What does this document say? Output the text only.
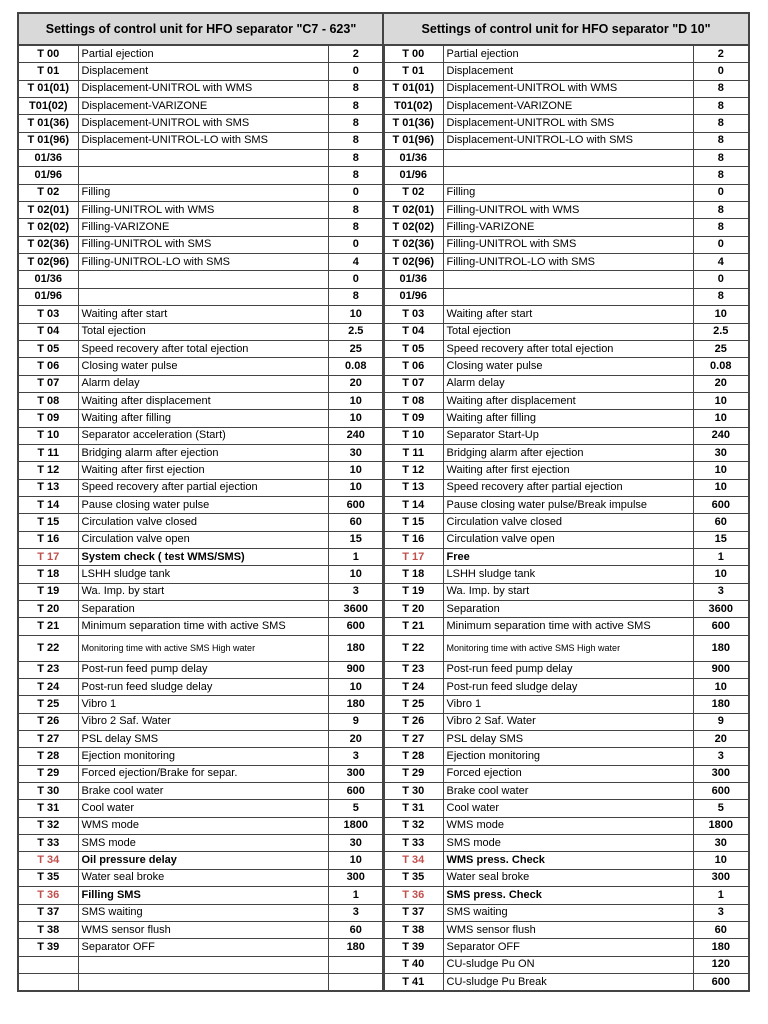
Settings of control unit for HFO separator "C7 - 623"		
T 00	Partial ejection	2
T 01	Displacement	0
T 01(01)	Displacement-UNITROL with WMS	8
T01(02)	Displacement-VARIZONE	8
T 01(36)	Displacement-UNITROL with SMS	8
T 01(96)	Displacement-UNITROL-LO with SMS	8
01/36		8
01/96		8
T 02	Filling	0
T 02(01)	Filling-UNITROL with WMS	8
T 02(02)	Filling-VARIZONE	8
T 02(36)	Filling-UNITROL with SMS	0
T 02(96)	Filling-UNITROL-LO with SMS	4
01/36		0
01/96		8
T 03	Waiting after start	10
T 04	Total ejection	2.5
T 05	Speed recovery after total ejection	25
T 06	Closing water pulse	0.08
T 07	Alarm delay	20
T 08	Waiting after displacement	10
T 09	Waiting after filling	10
T 10	Separator acceleration (Start)	240
T 11	Bridging alarm after ejection	30
T 12	Waiting after first ejection	10
T 13	Speed recovery after partial ejection	10
T 14	Pause closing water pulse	600
T 15	Circulation valve closed	60
T 16	Circulation valve open	15
T 17	System check ( test WMS/SMS)	1
T 18	LSHH sludge tank	10
T 19	Wa. Imp. by start	3
T 20	Separation	3600
T 21	Minimum separation time with active SMS	600
T 22	Monitoring time with active SMS High water	180
T 23	Post-run feed pump delay	900
T 24	Post-run feed sludge delay	10
T 25	Vibro 1	180
T 26	Vibro 2 Saf. Water	9
T 27	PSL delay SMS	20
T 28	Ejection monitoring	3
T 29	Forced ejection/Brake for separ.	300
T 30	Brake cool water	600
T 31	Cool water	5
T 32	WMS mode	1800
T 33	SMS mode	30
T 34	Oil pressure delay	10
T 35	Water seal broke	300
T 36	Filling SMS	1
T 37	SMS waiting	3
T 38	WMS sensor flush	60
T 39	Separator OFF	180

Settings of control unit for HFO separator "D 10"		
T 00	Partial ejection	2
T 01	Displacement	0
T 01(01)	Displacement-UNITROL with WMS	8
T01(02)	Displacement-VARIZONE	8
T 01(36)	Displacement-UNITROL with SMS	8
T 01(96)	Displacement-UNITROL-LO with SMS	8
01/36		8
01/96		8
T 02	Filling	0
T 02(01)	Filling-UNITROL with WMS	8
T 02(02)	Filling-VARIZONE	8
T 02(36)	Filling-UNITROL with SMS	0
T 02(96)	Filling-UNITROL-LO with SMS	4
01/36		0
01/96		8
T 03	Waiting after start	10
T 04	Total ejection	2.5
T 05	Speed recovery after total ejection	25
T 06	Closing water pulse	0.08
T 07	Alarm delay	20
T 08	Waiting after displacement	10
T 09	Waiting after filling	10
T 10	Separator Start-Up	240
T 11	Bridging alarm after ejection	30
T 12	Waiting after first ejection	10
T 13	Speed recovery after partial ejection	10
T 14	Pause closing water pulse/Break impulse	600
T 15	Circulation valve closed	60
T 16	Circulation valve open	15
T 17	Free	1
T 18	LSHH sludge tank	10
T 19	Wa. Imp. by start	3
T 20	Separation	3600
T 21	Minimum separation time with active SMS	600
T 22	Monitoring time with active SMS High water	180
T 23	Post-run feed pump delay	900
T 24	Post-run feed sludge delay	10
T 25	Vibro 1	180
T 26	Vibro 2 Saf. Water	9
T 27	PSL delay SMS	20
T 28	Ejection monitoring	3
T 29	Forced ejection	300
T 30	Brake cool water	600
T 31	Cool water	5
T 32	WMS mode	1800
T 33	SMS mode	30
T 34	WMS press. Check	10
T 35	Water seal broke	300
T 36	SMS press. Check	1
T 37	SMS waiting	3
T 38	WMS sensor flush	60
T 39	Separator OFF	180
T 40	CU-sludge Pu ON	120
T 41	CU-sludge Pu Break	600
